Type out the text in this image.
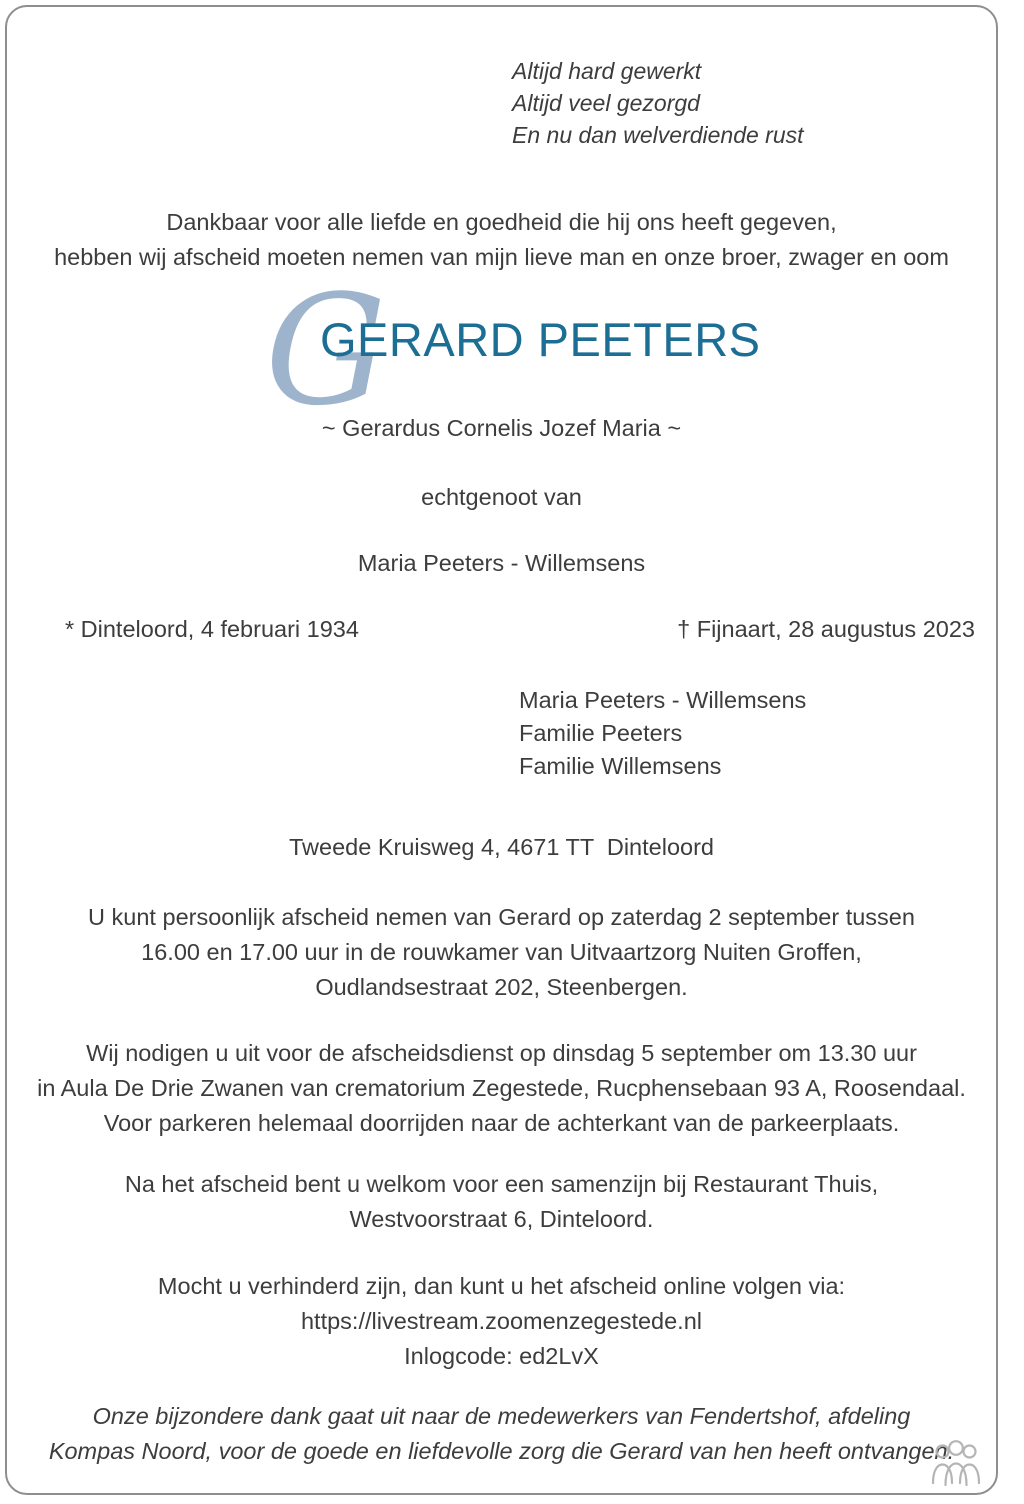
Altijd hard gewerkt
Altijd veel gezorgd
En nu dan welverdiende rust
Dankbaar voor alle liefde en goedheid die hij ons heeft gegeven,
hebben wij afscheid moeten nemen van mijn lieve man en onze broer, zwager en oom
G
GERARD PEETERS
~ Gerardus Cornelis Jozef Maria ~
echtgenoot van
Maria Peeters - Willemsens
* Dinteloord, 4 februari 1934	† Fijnaart, 28 augustus 2023
Maria Peeters - Willemsens
Familie Peeters
Familie Willemsens
Tweede Kruisweg 4, 4671 TT  Dinteloord
U kunt persoonlijk afscheid nemen van Gerard op zaterdag 2 september tussen
16.00 en 17.00 uur in de rouwkamer van Uitvaartzorg Nuiten Groffen,
Oudlandsestraat 202, Steenbergen.
Wij nodigen u uit voor de afscheidsdienst op dinsdag 5 september om 13.30 uur
in Aula De Drie Zwanen van crematorium Zegestede, Rucphensebaan 93 A, Roosendaal.
Voor parkeren helemaal doorrijden naar de achterkant van de parkeerplaats.
Na het afscheid bent u welkom voor een samenzijn bij Restaurant Thuis,
Westvoorstraat 6, Dinteloord.
Mocht u verhinderd zijn, dan kunt u het afscheid online volgen via:
https://livestream.zoomenzegestede.nl
Inlogcode: ed2LvX
Onze bijzondere dank gaat uit naar de medewerkers van Fendertshof, afdeling
Kompas Noord, voor de goede en liefdevolle zorg die Gerard van hen heeft ontvangen.
